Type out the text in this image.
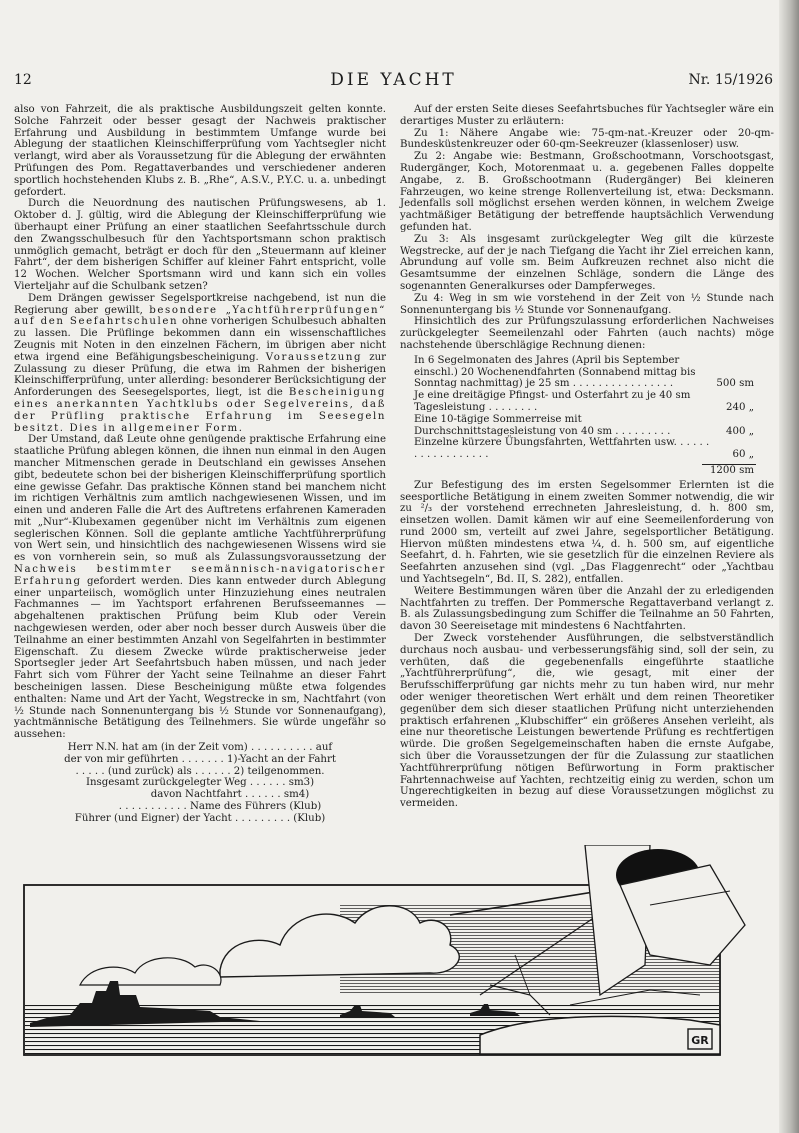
12	DIE YACHT	Nr. 15/1926

also von Fahrzeit, die als praktische Ausbildungszeit gelten konnte. Solche Fahrzeit oder besser gesagt der Nachweis praktischer Erfahrung und Ausbildung in bestimmtem Umfange wurde bei Ablegung der staatlichen Kleinschifferprüfung vom Yachtsegler nicht verlangt, wird aber als Voraussetzung für die Ablegung der erwähnten Prüfungen des Pom. Regattaverbandes und verschiedener anderen sportlich hochstehenden Klubs z. B. „Rhe“, A.S.V., P.Y.C. u. a. unbedingt gefordert.

Durch die Neuordnung des nautischen Prüfungswesens, ab 1. Oktober d. J. gültig, wird die Ablegung der Kleinschifferprüfung wie überhaupt einer Prüfung an einer staatlichen Seefahrtsschule durch den Zwangsschulbesuch für den Yachtsportsmann schon praktisch unmöglich gemacht, beträgt er doch für den „Steuermann auf kleiner Fahrt“, der dem bisherigen Schiffer auf kleiner Fahrt entspricht, volle 12 Wochen. Welcher Sportsmann wird und kann sich ein volles Vierteljahr auf die Schulbank setzen?

Dem Drängen gewisser Segelsportkreise nachgebend, ist nun die Regierung aber gewillt, besondere „Yachtführerprüfungen“ auf den Seefahrtschulen ohne vorherigen Schulbesuch abhalten zu lassen. Die Prüflinge bekommen dann ein wissenschaftliches Zeugnis mit Noten in den einzelnen Fächern, im übrigen aber nicht etwa irgend eine Befähigungsbescheinigung. Voraussetzung zur Zulassung zu dieser Prüfung, die etwa im Rahmen der bisherigen Kleinschifferprüfung, unter allerding: besonderer Berücksichtigung der Anforderungen des Seesegelsportes, liegt, ist die Bescheinigung eines anerkannten Yachtklubs oder Segelvereins, daß der Prüfling praktische Erfahrung im Seesegeln besitzt. Dies in allgemeiner Form.

Der Umstand, daß Leute ohne genügende praktische Erfahrung eine staatliche Prüfung ablegen können, die ihnen nun einmal in den Augen mancher Mitmenschen gerade in Deutschland ein gewisses Ansehen gibt, bedeutete schon bei der bisherigen Kleinschifferprüfung sportlich eine gewisse Gefahr. Das praktische Können stand bei manchem nicht im richtigen Verhältnis zum amtlich nachgewiesenen Wissen, und im einen und anderen Falle die Art des Auftretens erfahrenen Kameraden mit „Nur“-Klubexamen gegenüber nicht im Verhältnis zum eigenen seglerischen Können. Soll die geplante amtliche Yachtführerprüfung von Wert sein, und hinsichtlich des nachgewiesenen Wissens wird sie es von vornherein sein, so muß als Zulassungsvoraussetzung der Nachweis bestimmter seemännisch-navigatorischer Erfahrung gefordert werden. Dies kann entweder durch Ablegung einer unparteiisch, womöglich unter Hinzuziehung eines neutralen Fachmannes — im Yachtsport erfahrenen Berufsseemannes — abgehaltenen praktischen Prüfung beim Klub oder Verein nachgewiesen werden, oder aber noch besser durch Ausweis über die Teilnahme an einer bestimmten Anzahl von Segelfahrten in bestimmter Eigenschaft. Zu diesem Zwecke würde praktischerweise jeder Sportsegler jeder Art Seefahrtsbuch haben müssen, und nach jeder Fahrt sich vom Führer der Yacht seine Teilnahme an dieser Fahrt bescheinigen lassen. Diese Bescheinigung müßte etwa folgendes enthalten: Name und Art der Yacht, Wegstrecke in sm, Nachtfahrt (von ½ Stunde nach Sonnenuntergang bis ½ Stunde vor Sonnenaufgang), yachtmännische Betätigung des Teilnehmers. Sie würde ungefähr so aussehen:

Herr N.N. hat am (in der Zeit vom) . . . . . . . . . . auf
der von mir geführten . . . . . . . 1)-Yacht an der Fahrt
. . . . . (und zurück) als . . . . . . 2) teilgenommen.
Insgesamt zurückgelegter Weg . . . . . . sm3)
davon Nachtfahrt . . . . . . sm4)
. . . . . . . . . . . Name des Führers (Klub)
Führer (und Eigner) der Yacht . . . . . . . . . (Klub)

Auf der ersten Seite dieses Seefahrtsbuches für Yachtsegler wäre ein derartiges Muster zu erläutern:

Zu 1: Nähere Angabe wie: 75-qm-nat.-Kreuzer oder 20-qm-Bundesküstenkreuzer oder 60-qm-Seekreuzer (klassenloser) usw.

Zu 2: Angabe wie: Bestmann, Großschootmann, Vorschootsgast, Rudergänger, Koch, Motorenmaat u. a. gegebenen Falles doppelte Angabe, z. B. Großschootmann (Rudergänger) Bei kleineren Fahrzeugen, wo keine strenge Rollenverteilung ist, etwa: Decksmann. Jedenfalls soll möglichst ersehen werden können, in welchem Zweige yachtmäßiger Betätigung der betreffende hauptsächlich Verwendung gefunden hat.

Zu 3: Als insgesamt zurückgelegter Weg gilt die kürzeste Wegstrecke, auf der je nach Tiefgang die Yacht ihr Ziel erreichen kann, Abrundung auf volle sm. Beim Aufkreuzen rechnet also nicht die Gesamtsumme der einzelnen Schläge, sondern die Länge des sogenannten Generalkurses oder Dampferweges.

Zu 4: Weg in sm wie vorstehend in der Zeit von ½ Stunde nach Sonnenuntergang bis ½ Stunde vor Sonnenaufgang.

Hinsichtlich des zur Prüfungszulassung erforderlichen Nachweises zurückgelegter Seemeilenzahl oder Fahrten (auch nachts) möge nachstehende überschlägige Rechnung dienen:

In 6 Segelmonaten des Jahres (April bis September einschl.) 20 Wochenendfahrten (Sonnabend mittag bis Sonntag nachmittag) je 25 sm . . . . . . . . . . . . . . . .	500 sm
Je eine dreitägige Pfingst- und Osterfahrt zu je 40 sm Tagesleistung . . . . . . . .	240 „
Eine 10-tägige Sommerreise mit Durchschnittstagesleistung von 40 sm . . . . . . . . .	400 „
Einzelne kürzere Übungsfahrten, Wettfahrten usw. . . . . . . . . . . . . . . . . .	60 „
1200 sm

Zur Befestigung des im ersten Segelsommer Erlernten ist die seesportliche Betätigung in einem zweiten Sommer notwendig, die wir zu ²/₃ der vorstehend errechneten Jahresleistung, d. h. 800 sm, einsetzen wollen. Damit kämen wir auf eine Seemeilenforderung von rund 2000 sm, verteilt auf zwei Jahre, segelsportlicher Betätigung. Hiervon müßten mindestens etwa ¼, d. h. 500 sm, auf eigentliche Seefahrt, d. h. Fahrten, wie sie gesetzlich für die einzelnen Reviere als Seefahrten anzusehen sind (vgl. „Das Flaggenrecht“ oder „Yachtbau und Yachtsegeln“, Bd. II, S. 282), entfallen.

Weitere Bestimmungen wären über die Anzahl der zu erledigenden Nachtfahrten zu treffen. Der Pommersche Regattaverband verlangt z. B. als Zulassungsbedingung zum Schiffer die Teilnahme an 50 Fahrten, davon 30 Seereisetage mit mindestens 6 Nachtfahrten.

Der Zweck vorstehender Ausführungen, die selbstverständlich durchaus noch ausbau- und verbesserungsfähig sind, soll der sein, zu verhüten, daß die gegebenenfalls eingeführte staatliche „Yachtführerprüfung“, die, wie gesagt, mit einer der Berufsschifferprüfung gar nichts mehr zu tun haben wird, nur mehr oder weniger theoretischen Wert erhält und dem reinen Theoretiker gegenüber dem sich dieser staatlichen Prüfung nicht unterziehenden praktisch erfahrenen „Klubschiffer“ ein größeres Ansehen verleiht, als eine nur theoretische Leistungen bewertende Prüfung es rechtfertigen würde. Die großen Segelgemeinschaften haben die ernste Aufgabe, sich über die Voraussetzungen der für die Zulassung zur staatlichen Yachtführerprüfung nötigen Befürwortung in Form praktischer Fahrtennachweise auf Yachten, rechtzeitig einig zu werden, schon um Ungerechtigkeiten in bezug auf diese Voraussetzungen möglichst zu vermeiden.

GR
